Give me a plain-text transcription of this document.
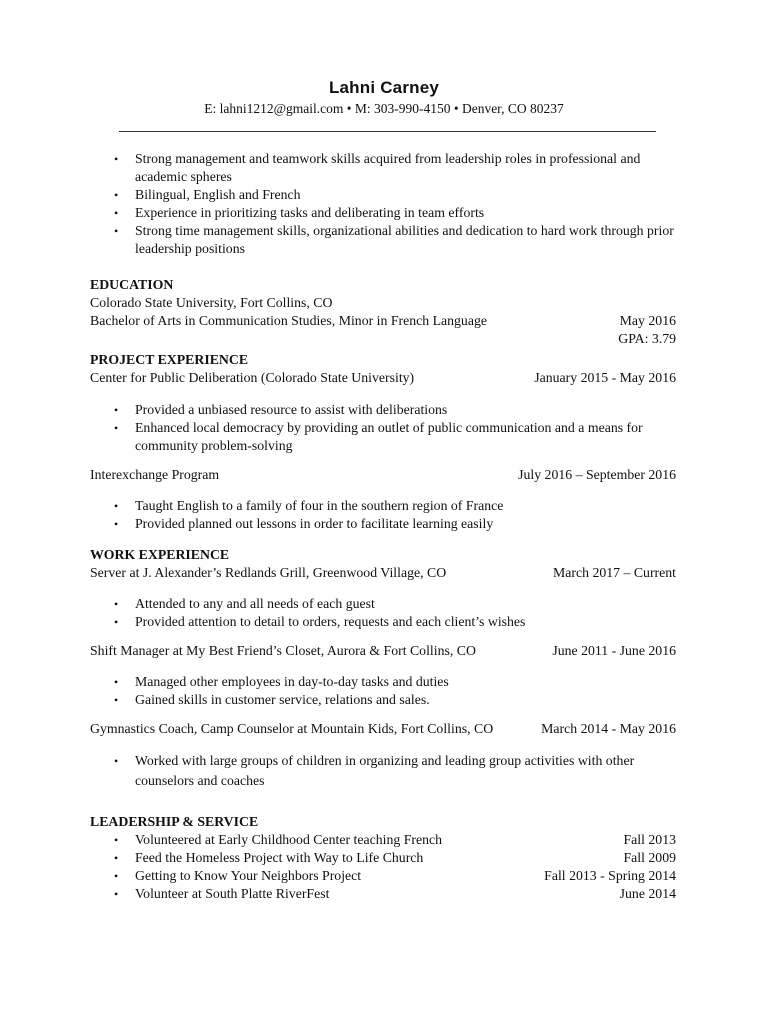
Lahni Carney
E: lahni1212@gmail.com • M: 303-990-4150 • Denver, CO 80237
• Strong management and teamwork skills acquired from leadership roles in professional and academic spheres
• Bilingual, English and French
• Experience in prioritizing tasks and deliberating in team efforts
• Strong time management skills, organizational abilities and dedication to hard work through prior leadership positions
EDUCATION
Colorado State University, Fort Collins, CO
Bachelor of Arts in Communication Studies, Minor in French Language	May 2016
GPA: 3.79
PROJECT EXPERIENCE
Center for Public Deliberation (Colorado State University)	January 2015 - May 2016
• Provided a unbiased resource to assist with deliberations
• Enhanced local democracy by providing an outlet of public communication and a means for community problem-solving
Interexchange Program	July 2016 – September 2016
• Taught English to a family of four in the southern region of France
• Provided planned out lessons in order to facilitate learning easily
WORK EXPERIENCE
Server at J. Alexander’s Redlands Grill, Greenwood Village, CO	March 2017 – Current
• Attended to any and all needs of each guest
• Provided attention to detail to orders, requests and each client’s wishes
Shift Manager at My Best Friend’s Closet, Aurora & Fort Collins, CO	June 2011 - June 2016
• Managed other employees in day-to-day tasks and duties
• Gained skills in customer service, relations and sales.
Gymnastics Coach, Camp Counselor at Mountain Kids, Fort Collins, CO	March 2014 - May 2016
• Worked with large groups of children in organizing and leading group activities with other counselors and coaches
LEADERSHIP & SERVICE
• Volunteered at Early Childhood Center teaching French	Fall 2013
• Feed the Homeless Project with Way to Life Church	Fall 2009
• Getting to Know Your Neighbors Project	Fall 2013 - Spring 2014
• Volunteer at South Platte RiverFest	June 2014
